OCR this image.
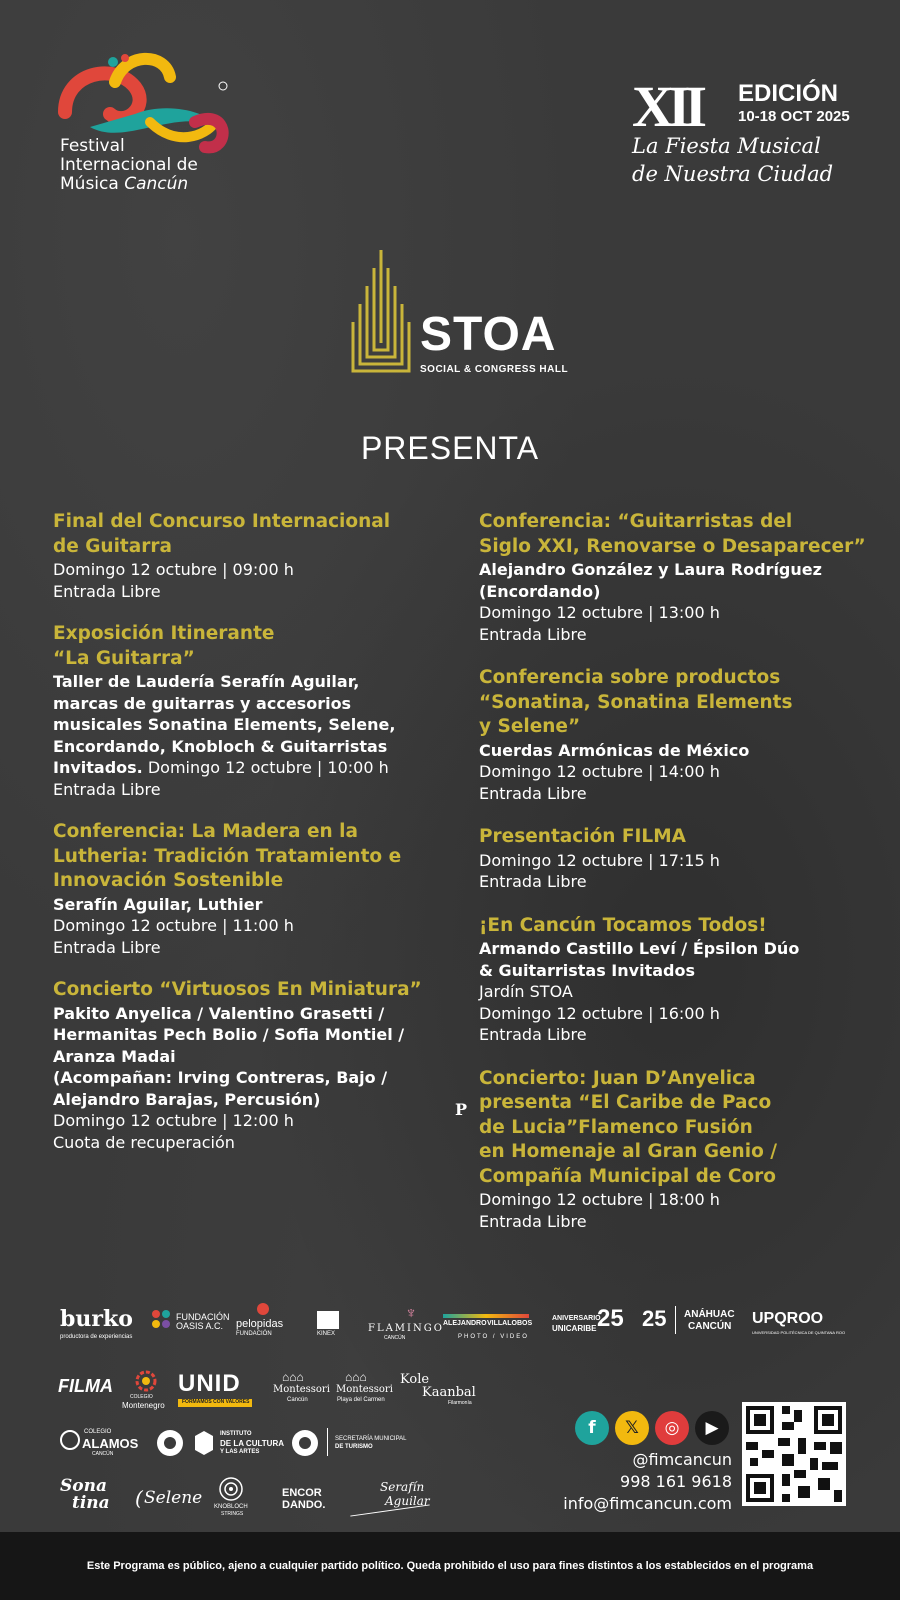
Festival
Internacional de
Música Cancún
XII EDICIÓN
10-18 OCT 2025
La Fiesta Musical
de Nuestra Ciudad
STOA
SOCIAL & CONGRESS HALL
PRESENTA
Final del Concurso Internacional
de Guitarra
Domingo 12 octubre | 09:00 h
Entrada Libre
Exposición Itinerante
“La Guitarra”
Taller de Laudería Serafín Aguilar,
marcas de guitarras y accesorios
musicales Sonatina Elements, Selene,
Encordando, Knobloch & Guitarristas
Invitados. Domingo 12 octubre | 10:00 h
Entrada Libre
Conferencia: La Madera en la
Lutheria: Tradición Tratamiento e
Innovación Sostenible
Serafín Aguilar, Luthier
Domingo 12 octubre | 11:00 h
Entrada Libre
Concierto “Virtuosos En Miniatura”
Pakito Anyelica / Valentino Grasetti /
Hermanitas Pech Bolio / Sofia Montiel /
Aranza Madai
(Acompañan: Irving Contreras, Bajo /
Alejandro Barajas, Percusión)
Domingo 12 octubre | 12:00 h
Cuota de recuperación
Conferencia: “Guitarristas del
Siglo XXI, Renovarse o Desaparecer”
Alejandro González y Laura Rodríguez
(Encordando)
Domingo 12 octubre | 13:00 h
Entrada Libre
Conferencia sobre productos
“Sonatina, Sonatina Elements
y Selene”
Cuerdas Armónicas de México
Domingo 12 octubre | 14:00 h
Entrada Libre
Presentación FILMA
Domingo 12 octubre | 17:15 h
Entrada Libre
¡En Cancún Tocamos Todos!
Armando Castillo Leví / Épsilon Dúo
& Guitarristas Invitados
Jardín STOA
Domingo 12 octubre | 16:00 h
Entrada Libre
Concierto: Juan D’Anyelica
presenta “El Caribe de Paco
de Lucia”Flamenco Fusión
en Homenaje al Gran Genio /
Compañía Municipal de Coro
Domingo 12 octubre | 18:00 h
Entrada Libre
P
burko
productora de experiencias
FUNDACIÓN OASIS A.C.	pelopidas
FUNDACIÓN	KINEX
♆
FLAMINGO
CANCÚN
ALEJANDRO VILLALOBOS
PHOTO / VIDEO
ANIVERSARIO
UNICARIBE 25 25 ANÁHUAC
CANCÚN UPQROO
UNIVERSIDAD POLITÉCNICA DE QUINTANA ROO
FILMA
COLEGIO
Montenegro
UNID
FORMAMOS CON VALORES
⌂⌂⌂
Montessori
Cancún
⌂⌂⌂
Montessori
Playa del Carmen
Kole
Kaanbal
Filarmonía
COLEGIO
ALAMOS
CANCÚN
INSTITUTO
DE LA CULTURA
Y LAS ARTES
SECRETARÍA MUNICIPAL
DE TURISMO
Sona
tina ( Selene KNOBLOCH
STRINGS
ENCOR
DANDO.
Serafín
Aguilar
f	𝕏	◎	▶
@fimcancun
998 161 9618
info@fimcancun.com
Este Programa es público, ajeno a cualquier partido político. Queda prohibido el uso para fines distintos a los establecidos en el programa
